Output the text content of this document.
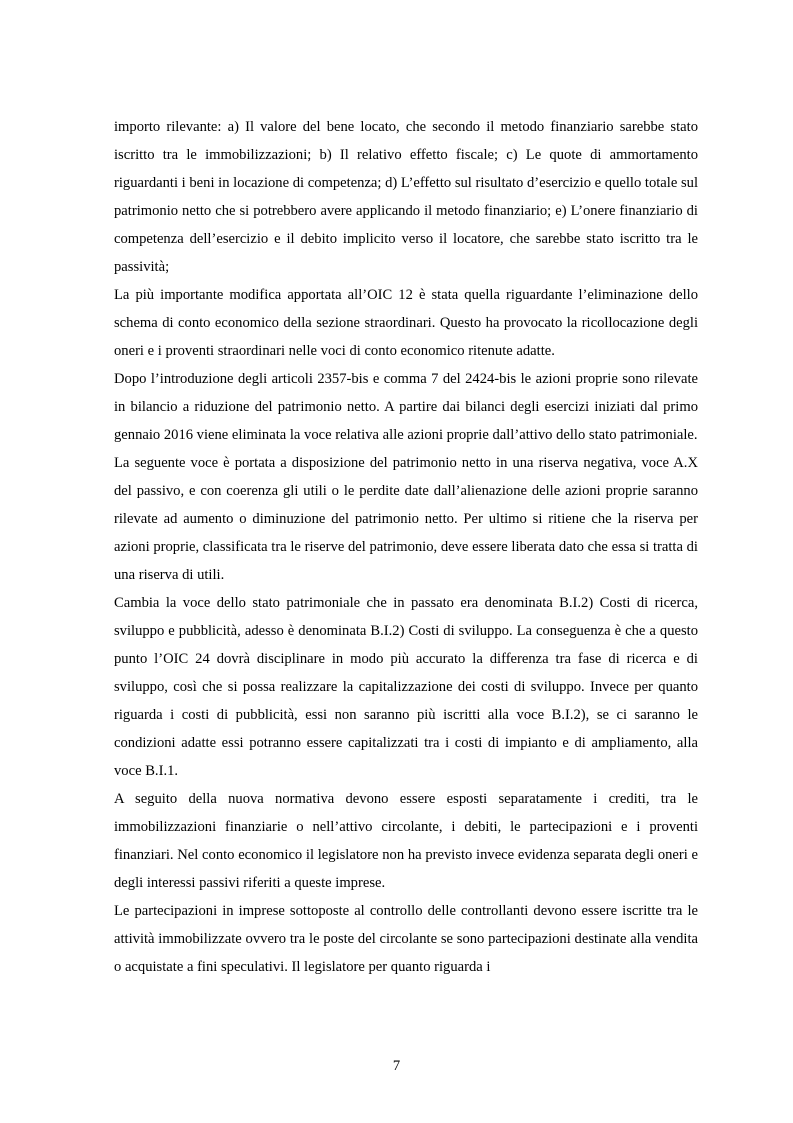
importo rilevante: a) Il valore del bene locato, che secondo il metodo finanziario sarebbe stato iscritto tra le immobilizzazioni; b) Il relativo effetto fiscale; c) Le quote di ammortamento riguardanti i beni in locazione di competenza; d) L’effetto sul risultato d’esercizio e quello totale sul patrimonio netto che si potrebbero avere applicando il metodo finanziario; e) L’onere finanziario di competenza dell’esercizio e il debito implicito verso il locatore, che sarebbe stato iscritto tra le passività;

La più importante modifica apportata all’OIC 12 è stata quella riguardante l’eliminazione dello schema di conto economico della sezione straordinari. Questo ha provocato la ricollocazione degli oneri e i proventi straordinari nelle voci di conto economico ritenute adatte.

Dopo l’introduzione degli articoli 2357-bis e comma 7 del 2424-bis le azioni proprie sono rilevate in bilancio a riduzione del patrimonio netto. A partire dai bilanci degli esercizi iniziati dal primo gennaio 2016 viene eliminata la voce relativa alle azioni proprie dall’attivo dello stato patrimoniale.

La seguente voce è portata a disposizione del patrimonio netto in una riserva negativa, voce A.X del passivo, e con coerenza gli utili o le perdite date dall’alienazione delle azioni proprie saranno rilevate ad aumento o diminuzione del patrimonio netto. Per ultimo si ritiene che la riserva per azioni proprie, classificata tra le riserve del patrimonio, deve essere liberata dato che essa si tratta di una riserva di utili.

Cambia la voce dello stato patrimoniale che in passato era denominata B.I.2) Costi di ricerca, sviluppo e pubblicità, adesso è denominata B.I.2) Costi di sviluppo. La conseguenza è che a questo punto l’OIC 24 dovrà disciplinare in modo più accurato la differenza tra fase di ricerca e di sviluppo, così che si possa realizzare la capitalizzazione dei costi di sviluppo. Invece per quanto riguarda i costi di pubblicità, essi non saranno più iscritti alla voce B.I.2), se ci saranno le condizioni adatte essi potranno essere capitalizzati tra i costi di impianto e di ampliamento, alla voce B.I.1.

A seguito della nuova normativa devono essere esposti separatamente i crediti, tra le immobilizzazioni finanziarie o nell’attivo circolante, i debiti, le partecipazioni e i proventi finanziari. Nel conto economico il legislatore non ha previsto invece evidenza separata degli oneri e degli interessi passivi riferiti a queste imprese.

Le partecipazioni in imprese sottoposte al controllo delle controllanti devono essere iscritte tra le attività immobilizzate ovvero tra le poste del circolante se sono partecipazioni destinate alla vendita o acquistate a fini speculativi. Il legislatore per quanto riguarda i

7
